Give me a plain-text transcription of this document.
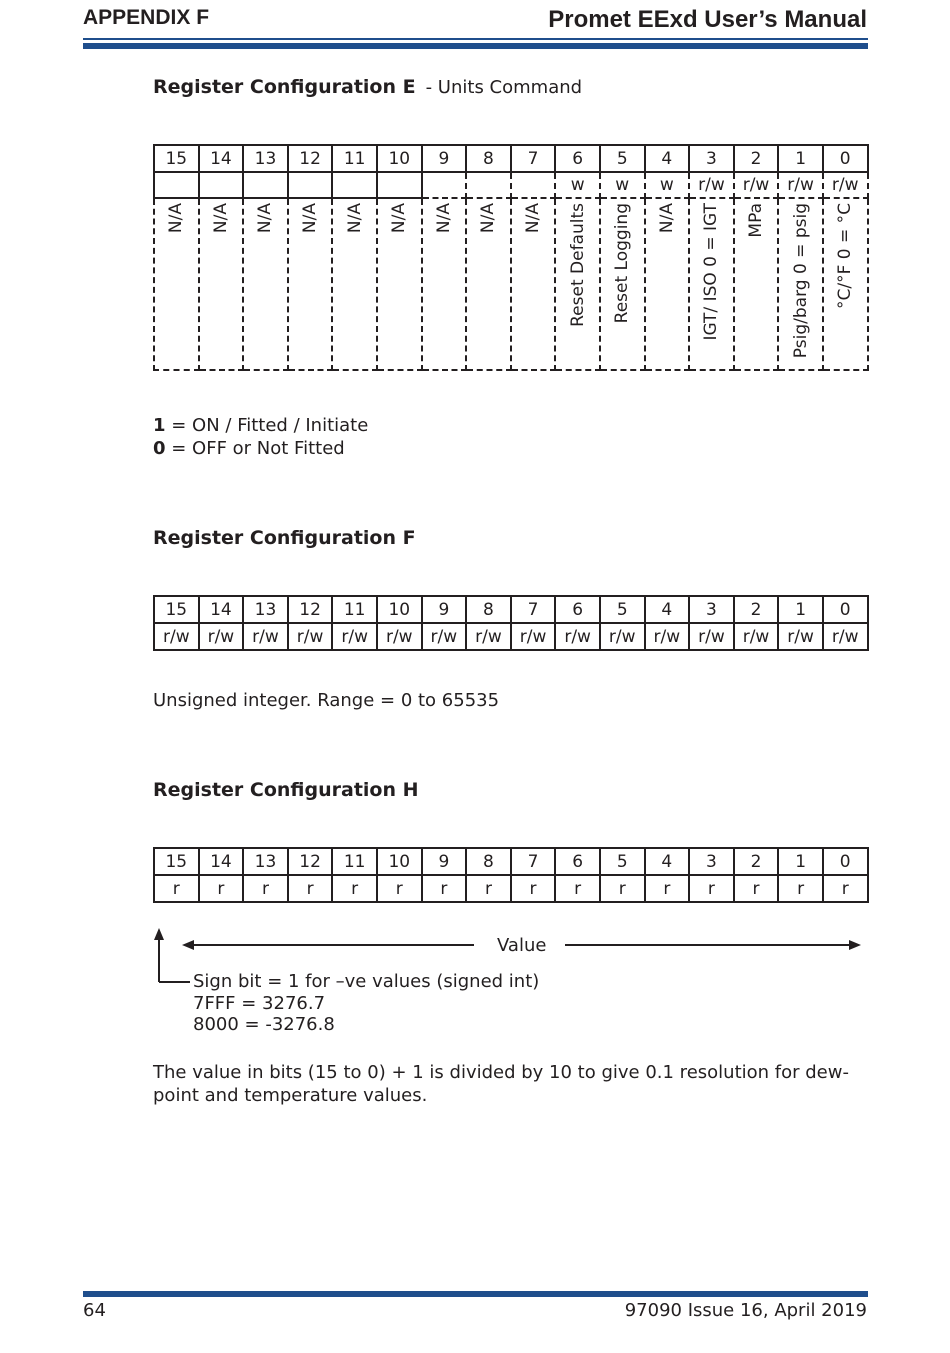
APPENDIX F	Promet EExd User’s Manual
Register Configuration E - Units Command
15	14	13	12	11	10	9	8	7	6	5	4	3	2	1	0
									w	w	w	r/w	r/w	r/w	r/w

N/A	N/A	N/A	N/A	N/A	N/A	N/A	N/A	N/A	Reset Defaults	Reset Logging	N/A	IGT/ ISO 0 = IGT	MPa	Psig/barg 0 = psig	°C/°F 0 = °C
1 = ON / Fitted / Initiate
0 = OFF or Not Fitted
Register Configuration F
15	14	13	12	11	10	9	8	7	6	5	4	3	2	1	0
r/w	r/w	r/w	r/w	r/w	r/w	r/w	r/w	r/w	r/w	r/w	r/w	r/w	r/w	r/w	r/w
Unsigned integer. Range = 0 to 65535
Register Configuration H
15	14	13	12	11	10	9	8	7	6	5	4	3	2	1	0
r	r	r	r	r	r	r	r	r	r	r	r	r	r	r	r
Value
Sign bit = 1 for –ve values (signed int)
7FFF = 3276.7
8000 = -3276.8
The value in bits (15 to 0) + 1 is divided by 10 to give 0.1 resolution for dew-point and temperature values.
64	97090 Issue 16, April 2019
